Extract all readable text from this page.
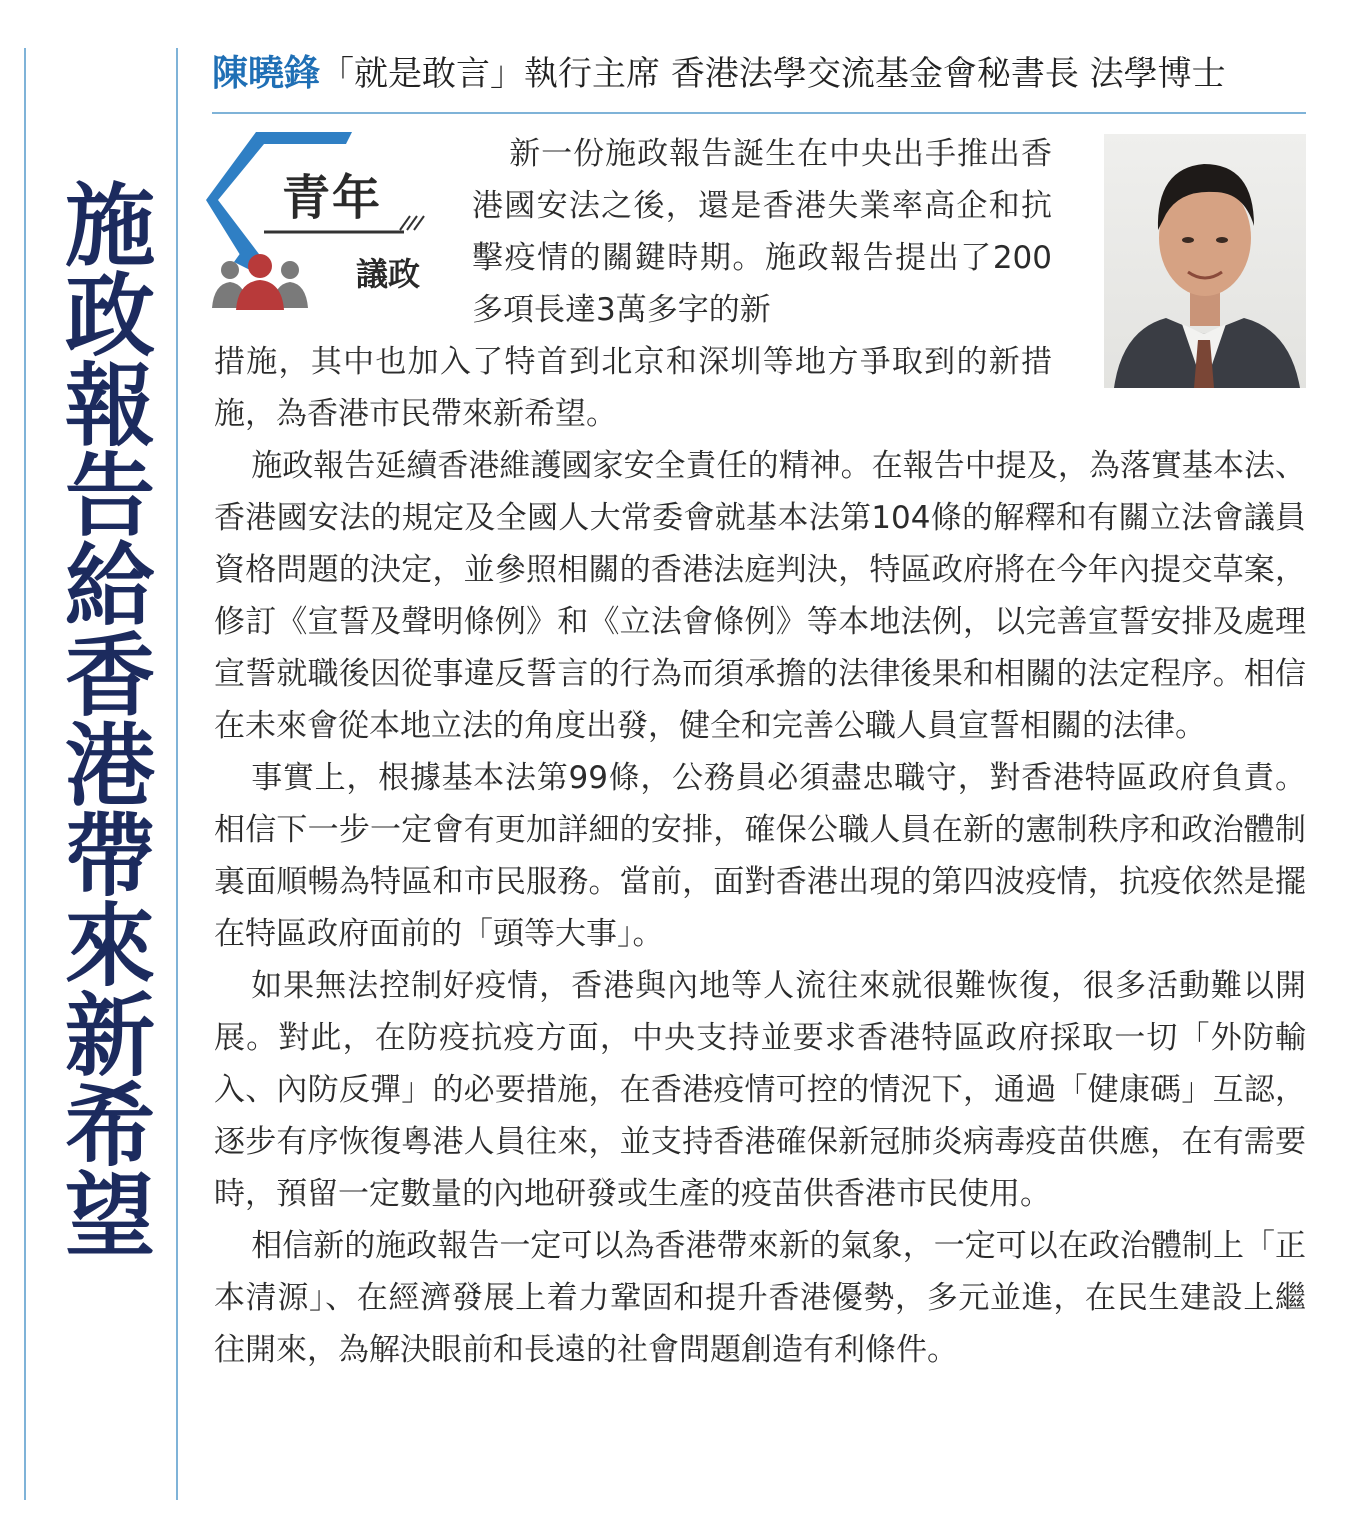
施政報告給香港帶來新希望
陳曉鋒「就是敢言」執行主席 香港法學交流基金會秘書長 法學博士
青年
議政
新一份施政報告誕生在中央出手推出香港國安法之後，還是香港失業率高企和抗擊疫情的關鍵時期。施政報告提出了200多項長達3萬多字的新
措施，其中也加入了特首到北京和深圳等地方爭取到的新措施，為香港市民帶來新希望。

施政報告延續香港維護國家安全責任的精神。在報告中提及，為落實基本法、香港國安法的規定及全國人大常委會就基本法第104條的解釋和有關立法會議員資格問題的決定，並參照相關的香港法庭判決，特區政府將在今年內提交草案，修訂《宣誓及聲明條例》和《立法會條例》等本地法例，以完善宣誓安排及處理宣誓就職後因從事違反誓言的行為而須承擔的法律後果和相關的法定程序。相信在未來會從本地立法的角度出發，健全和完善公職人員宣誓相關的法律。

事實上，根據基本法第99條，公務員必須盡忠職守，對香港特區政府負責。相信下一步一定會有更加詳細的安排，確保公職人員在新的憲制秩序和政治體制裏面順暢為特區和市民服務。當前，面對香港出現的第四波疫情，抗疫依然是擺在特區政府面前的「頭等大事」。

如果無法控制好疫情，香港與內地等人流往來就很難恢復，很多活動難以開展。對此，在防疫抗疫方面，中央支持並要求香港特區政府採取一切「外防輸入、內防反彈」的必要措施，在香港疫情可控的情況下，通過「健康碼」互認，逐步有序恢復粵港人員往來，並支持香港確保新冠肺炎病毒疫苗供應，在有需要時，預留一定數量的內地研發或生產的疫苗供香港市民使用。

相信新的施政報告一定可以為香港帶來新的氣象，一定可以在政治體制上「正本清源」、在經濟發展上着力鞏固和提升香港優勢，多元並進，在民生建設上繼往開來，為解決眼前和長遠的社會問題創造有利條件。
